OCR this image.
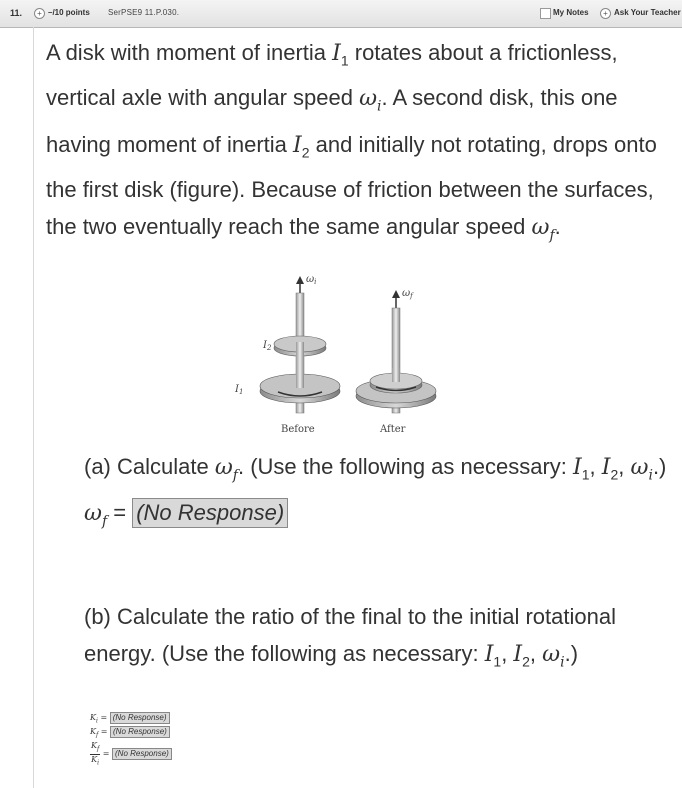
11.	+ –/10 points SerPSE9 11.P.030.	My Notes	+ Ask Your Teacher
A disk with moment of inertia $I_1$ rotates about a frictionless, vertical axle with angular speed $\omega_i$. A second disk, this one having moment of inertia $I_2$ and initially not rotating, drops onto the first disk (figure). Because of friction between the surfaces, the two eventually reach the same angular speed $\omega_f$.
$\omega_i$
$\omega_f$
$I_2$
$I_1$
Before	After
(a) Calculate $\omega_f$. (Use the following as necessary: $I_1$, $I_2$, $\omega_i$.)
$\omega_f = (No$ Response)
(b) Calculate the ratio of the final to the initial rotational energy. (Use the following as necessary: $I_1$, $I_2$, $\omega_i$.)
$K_i = (No$ Response)
$K_f = (No$ Response)
$\frac{K_f}{K_i} = (No$ Response)
